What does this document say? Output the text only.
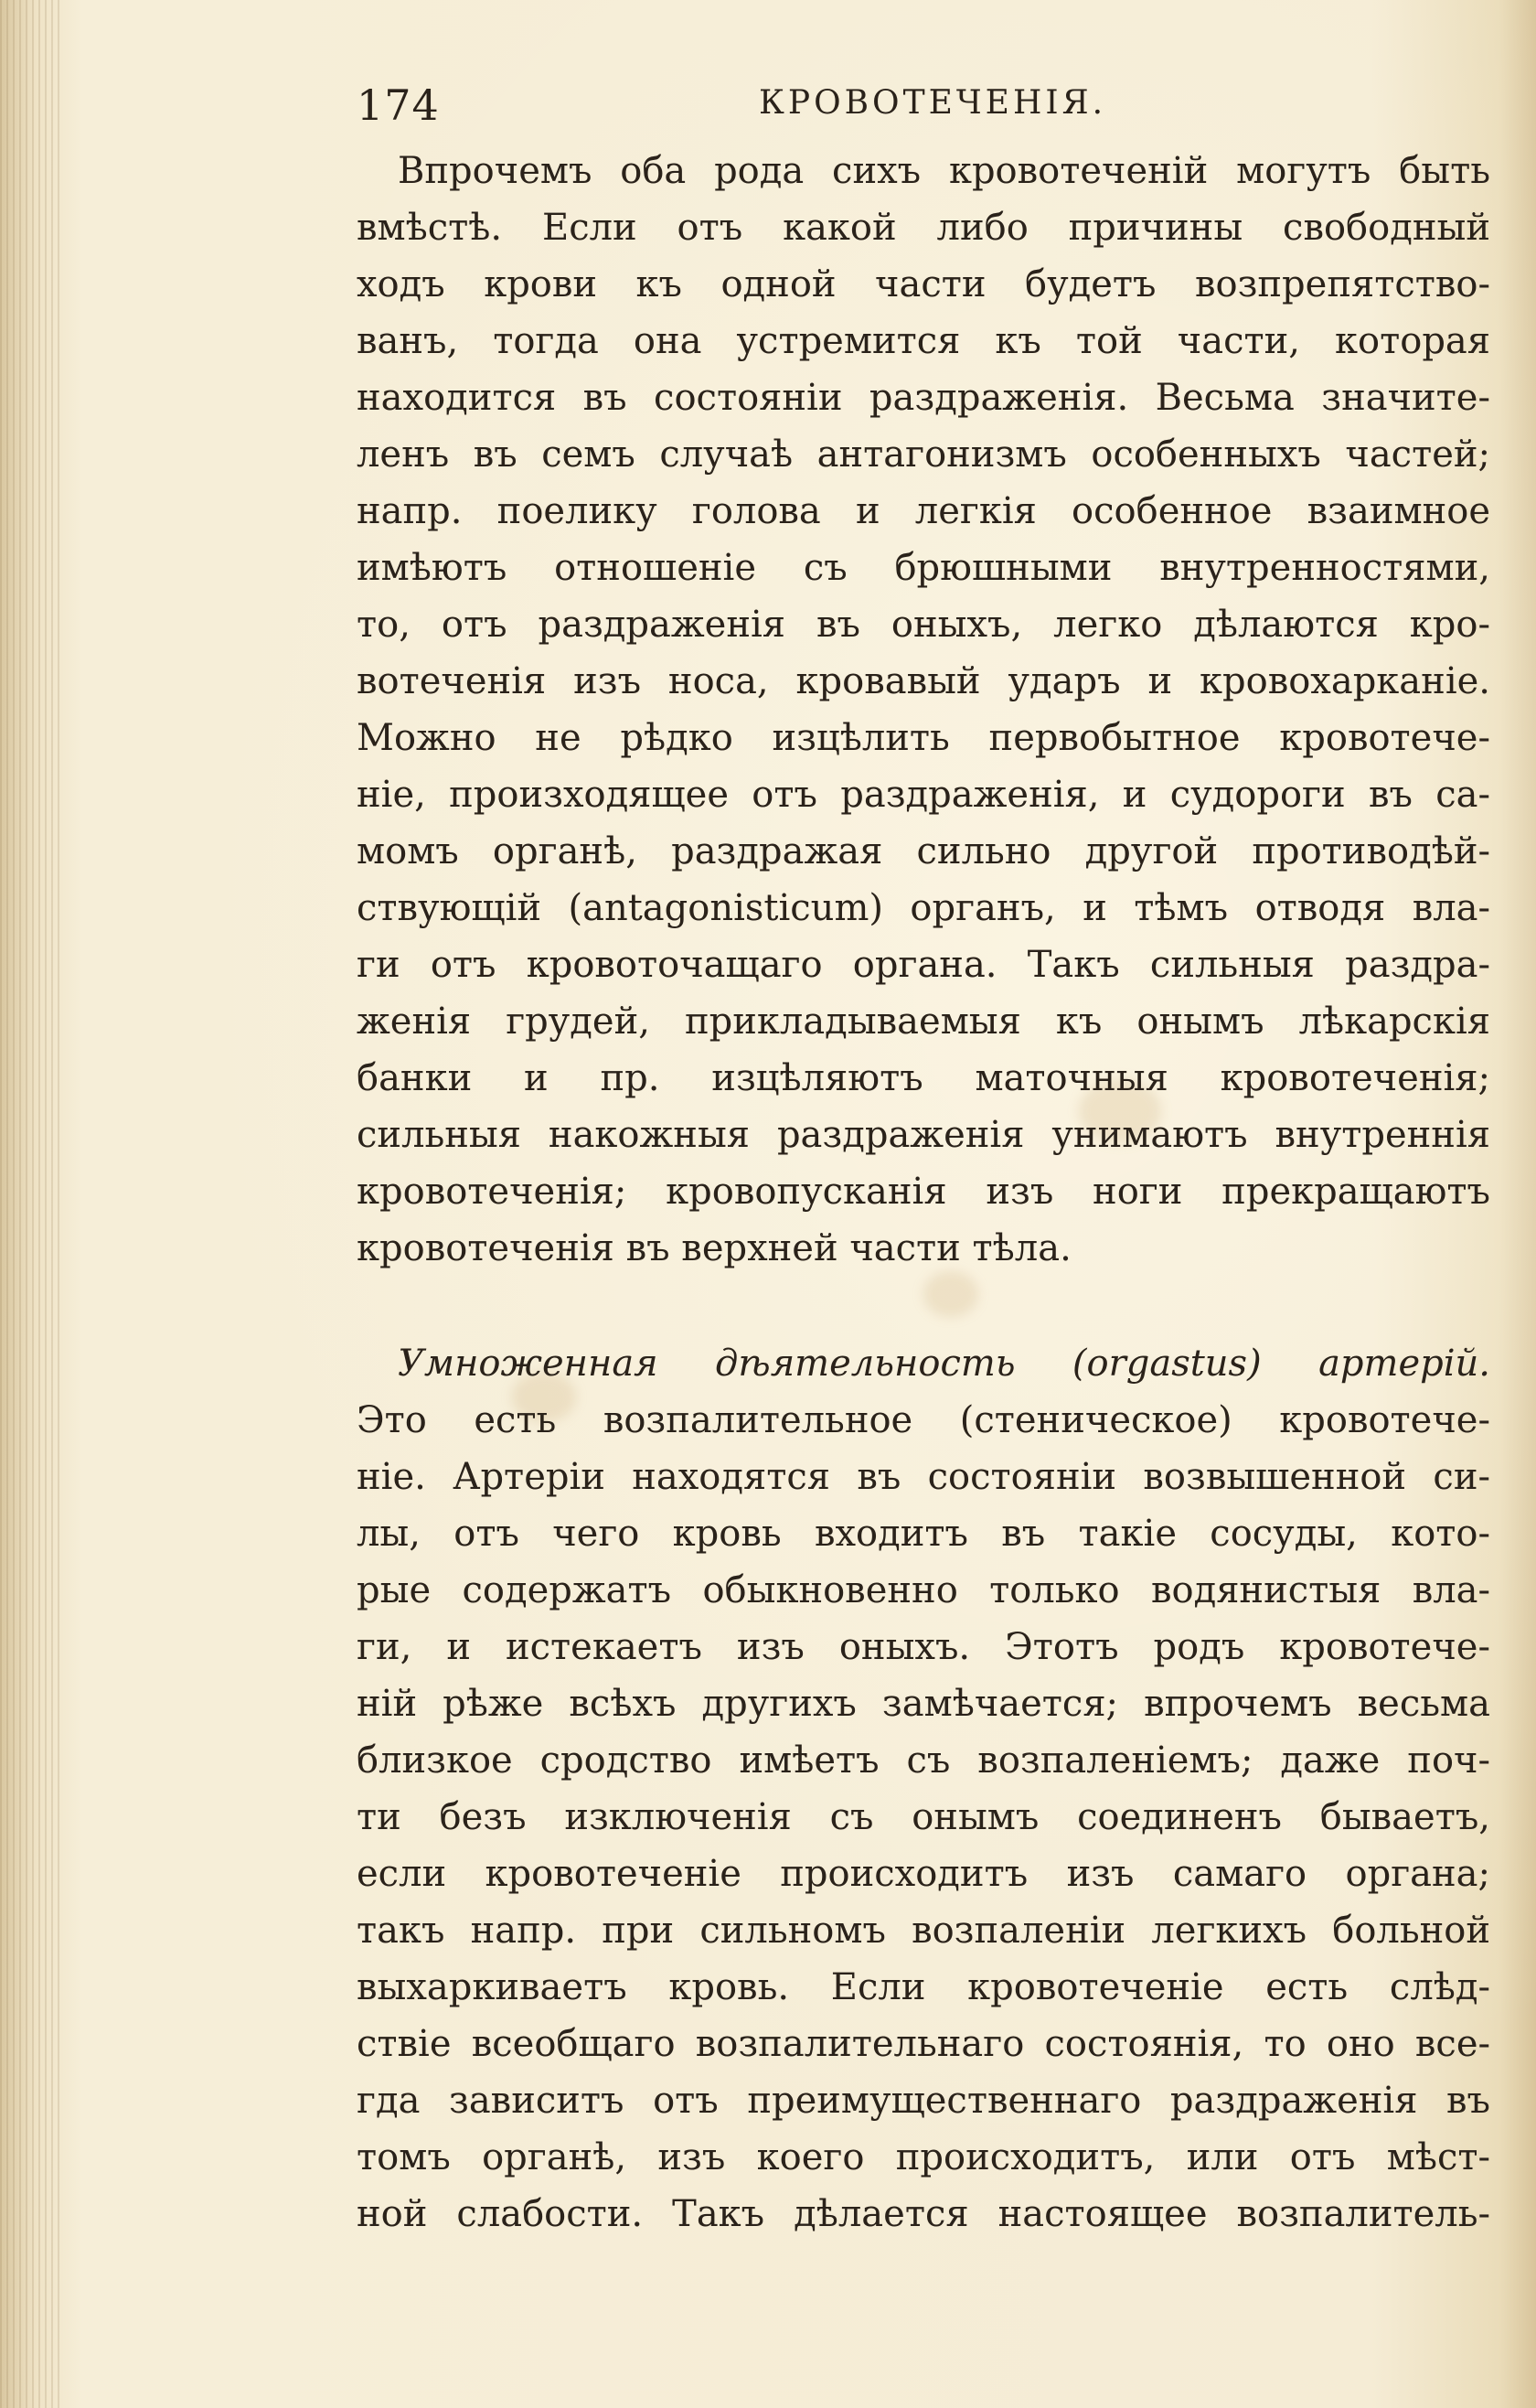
174	КРОВОТЕЧЕНІЯ.
Впрочемъ оба рода сихъ кровотеченій могутъ быть
вмѣстѣ. Если отъ какой либо причины свободный
ходъ крови къ одной части будетъ возпрепятство-
ванъ, тогда она устремится къ той части, которая
находится въ состояніи раздраженія. Весьма значите-
ленъ въ семъ случаѣ антагонизмъ особенныхъ частей;
напр. поелику голова и легкія особенное взаимное
имѣютъ отношеніе съ брюшными внутренностями,
то, отъ раздраженія въ оныхъ, легко дѣлаются кро-
вотеченія изъ носа, кровавый ударъ и кровохарканіе.
Можно не рѣдко изцѣлить первобытное кровотече-
ніе, произходящее отъ раздраженія, и судороги въ са-
момъ органѣ, раздражая сильно другой противодѣй-
ствующій (antagonisticum) органъ, и тѣмъ отводя вла-
ги отъ кровоточащаго органа. Такъ сильныя раздра-
женія грудей, прикладываемыя къ онымъ лѣкарскія
банки и пр. изцѣляютъ маточныя кровотеченія;
сильныя накожныя раздраженія унимаютъ внутреннія
кровотеченія; кровопусканія изъ ноги прекращаютъ
кровотеченія въ верхней части тѣла.
Умноженная дѣятельность (orgastus) артерій.
Это есть возпалительное (стеническое) кровотече-
ніе. Артеріи находятся въ состояніи возвышенной си-
лы, отъ чего кровь входитъ въ такіе сосуды, кото-
рые содержатъ обыкновенно только водянистыя вла-
ги, и истекаетъ изъ оныхъ. Этотъ родъ кровотече-
ній рѣже всѣхъ другихъ замѣчается; впрочемъ весьма
близкое сродство имѣетъ съ возпаленіемъ; даже поч-
ти безъ изключенія съ онымъ соединенъ бываетъ,
если кровотеченіе происходитъ изъ самаго органа;
такъ напр. при сильномъ возпаленіи легкихъ больной
выхаркиваетъ кровь. Если кровотеченіе есть слѣд-
ствіе всеобщаго возпалительнаго состоянія, то оно все-
гда зависитъ отъ преимущественнаго раздраженія въ
томъ органѣ, изъ коего происходитъ, или отъ мѣст-
ной слабости. Такъ дѣлается настоящее возпалитель-
